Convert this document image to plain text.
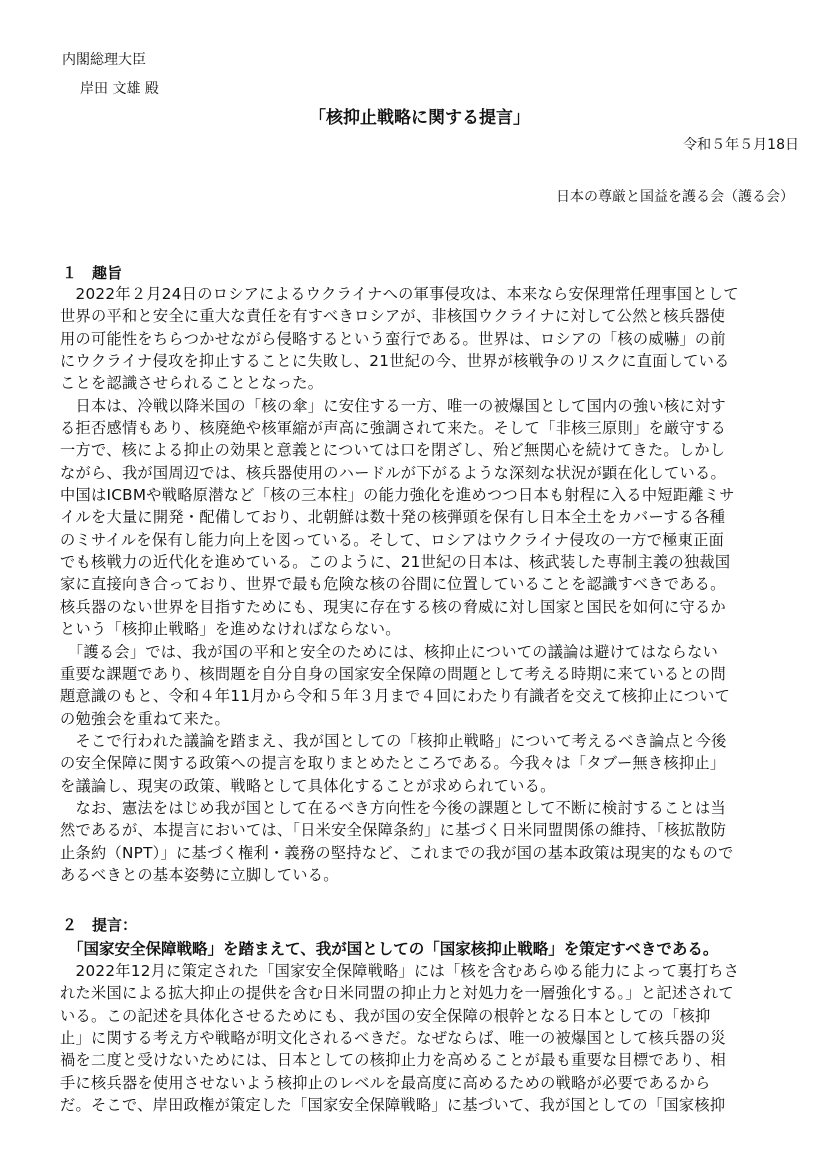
内閣総理大臣
岸田 文雄 殿
「核抑止戦略に関する提言」
令和５年５月18日
日本の尊厳と国益を護る会（護る会）
１　趣旨
　2022年２月24日のロシアによるウクライナへの軍事侵攻は、本来なら安保理常任理事国として
世界の平和と安全に重大な責任を有すべきロシアが、非核国ウクライナに対して公然と核兵器使
用の可能性をちらつかせながら侵略するという蛮行である。世界は、ロシアの「核の威嚇」の前
にウクライナ侵攻を抑止することに失敗し、21世紀の今、世界が核戦争のリスクに直面している
ことを認識させられることとなった。
　日本は、冷戦以降米国の「核の傘」に安住する一方、唯一の被爆国として国内の強い核に対す
る拒否感情もあり、核廃絶や核軍縮が声高に強調されて来た。そして「非核三原則」を厳守する
一方で、核による抑止の効果と意義とについては口を閉ざし、殆ど無関心を続けてきた。しかし
ながら、我が国周辺では、核兵器使用のハードルが下がるような深刻な状況が顕在化している。
中国はICBMや戦略原潜など「核の三本柱」の能力強化を進めつつ日本も射程に入る中短距離ミサ
イルを大量に開発・配備しており、北朝鮮は数十発の核弾頭を保有し日本全土をカバーする各種
のミサイルを保有し能力向上を図っている。そして、ロシアはウクライナ侵攻の一方で極東正面
でも核戦力の近代化を進めている。このように、21世紀の日本は、核武装した専制主義の独裁国
家に直接向き合っており、世界で最も危険な核の谷間に位置していることを認識すべきである。
核兵器のない世界を目指すためにも、現実に存在する核の脅威に対し国家と国民を如何に守るか
という「核抑止戦略」を進めなければならない。
　「護る会」では、我が国の平和と安全のためには、核抑止についての議論は避けてはならない
重要な課題であり、核問題を自分自身の国家安全保障の問題として考える時期に来ているとの問
題意識のもと、令和４年11月から令和５年３月まで４回にわたり有識者を交えて核抑止について
の勉強会を重ねて来た。
　そこで行われた議論を踏まえ、我が国としての「核抑止戦略」について考えるべき論点と今後
の安全保障に関する政策への提言を取りまとめたところである。今我々は「タブー無き核抑止」
を議論し、現実の政策、戦略として具体化することが求められている。
　なお、憲法をはじめ我が国として在るべき方向性を今後の課題として不断に検討することは当
然であるが、本提言においては、「日米安全保障条約」に基づく日米同盟関係の維持、「核拡散防
止条約（NPT）」に基づく権利・義務の堅持など、これまでの我が国の基本政策は現実的なもので
あるべきとの基本姿勢に立脚している。
２　提言：
「国家安全保障戦略」を踏まえて、我が国としての「国家核抑止戦略」を策定すべきである。
　2022年12月に策定された「国家安全保障戦略」には「核を含むあらゆる能力によって裏打ちさ
れた米国による拡大抑止の提供を含む日米同盟の抑止力と対処力を一層強化する。」と記述されて
いる。この記述を具体化させるためにも、我が国の安全保障の根幹となる日本としての「核抑
止」に関する考え方や戦略が明文化されるべきだ。なぜならば、唯一の被爆国として核兵器の災
禍を二度と受けないためには、日本としての核抑止力を高めることが最も重要な目標であり、相
手に核兵器を使用させないよう核抑止のレベルを最高度に高めるための戦略が必要であるから
だ。そこで、岸田政権が策定した「国家安全保障戦略」に基づいて、我が国としての「国家核抑
